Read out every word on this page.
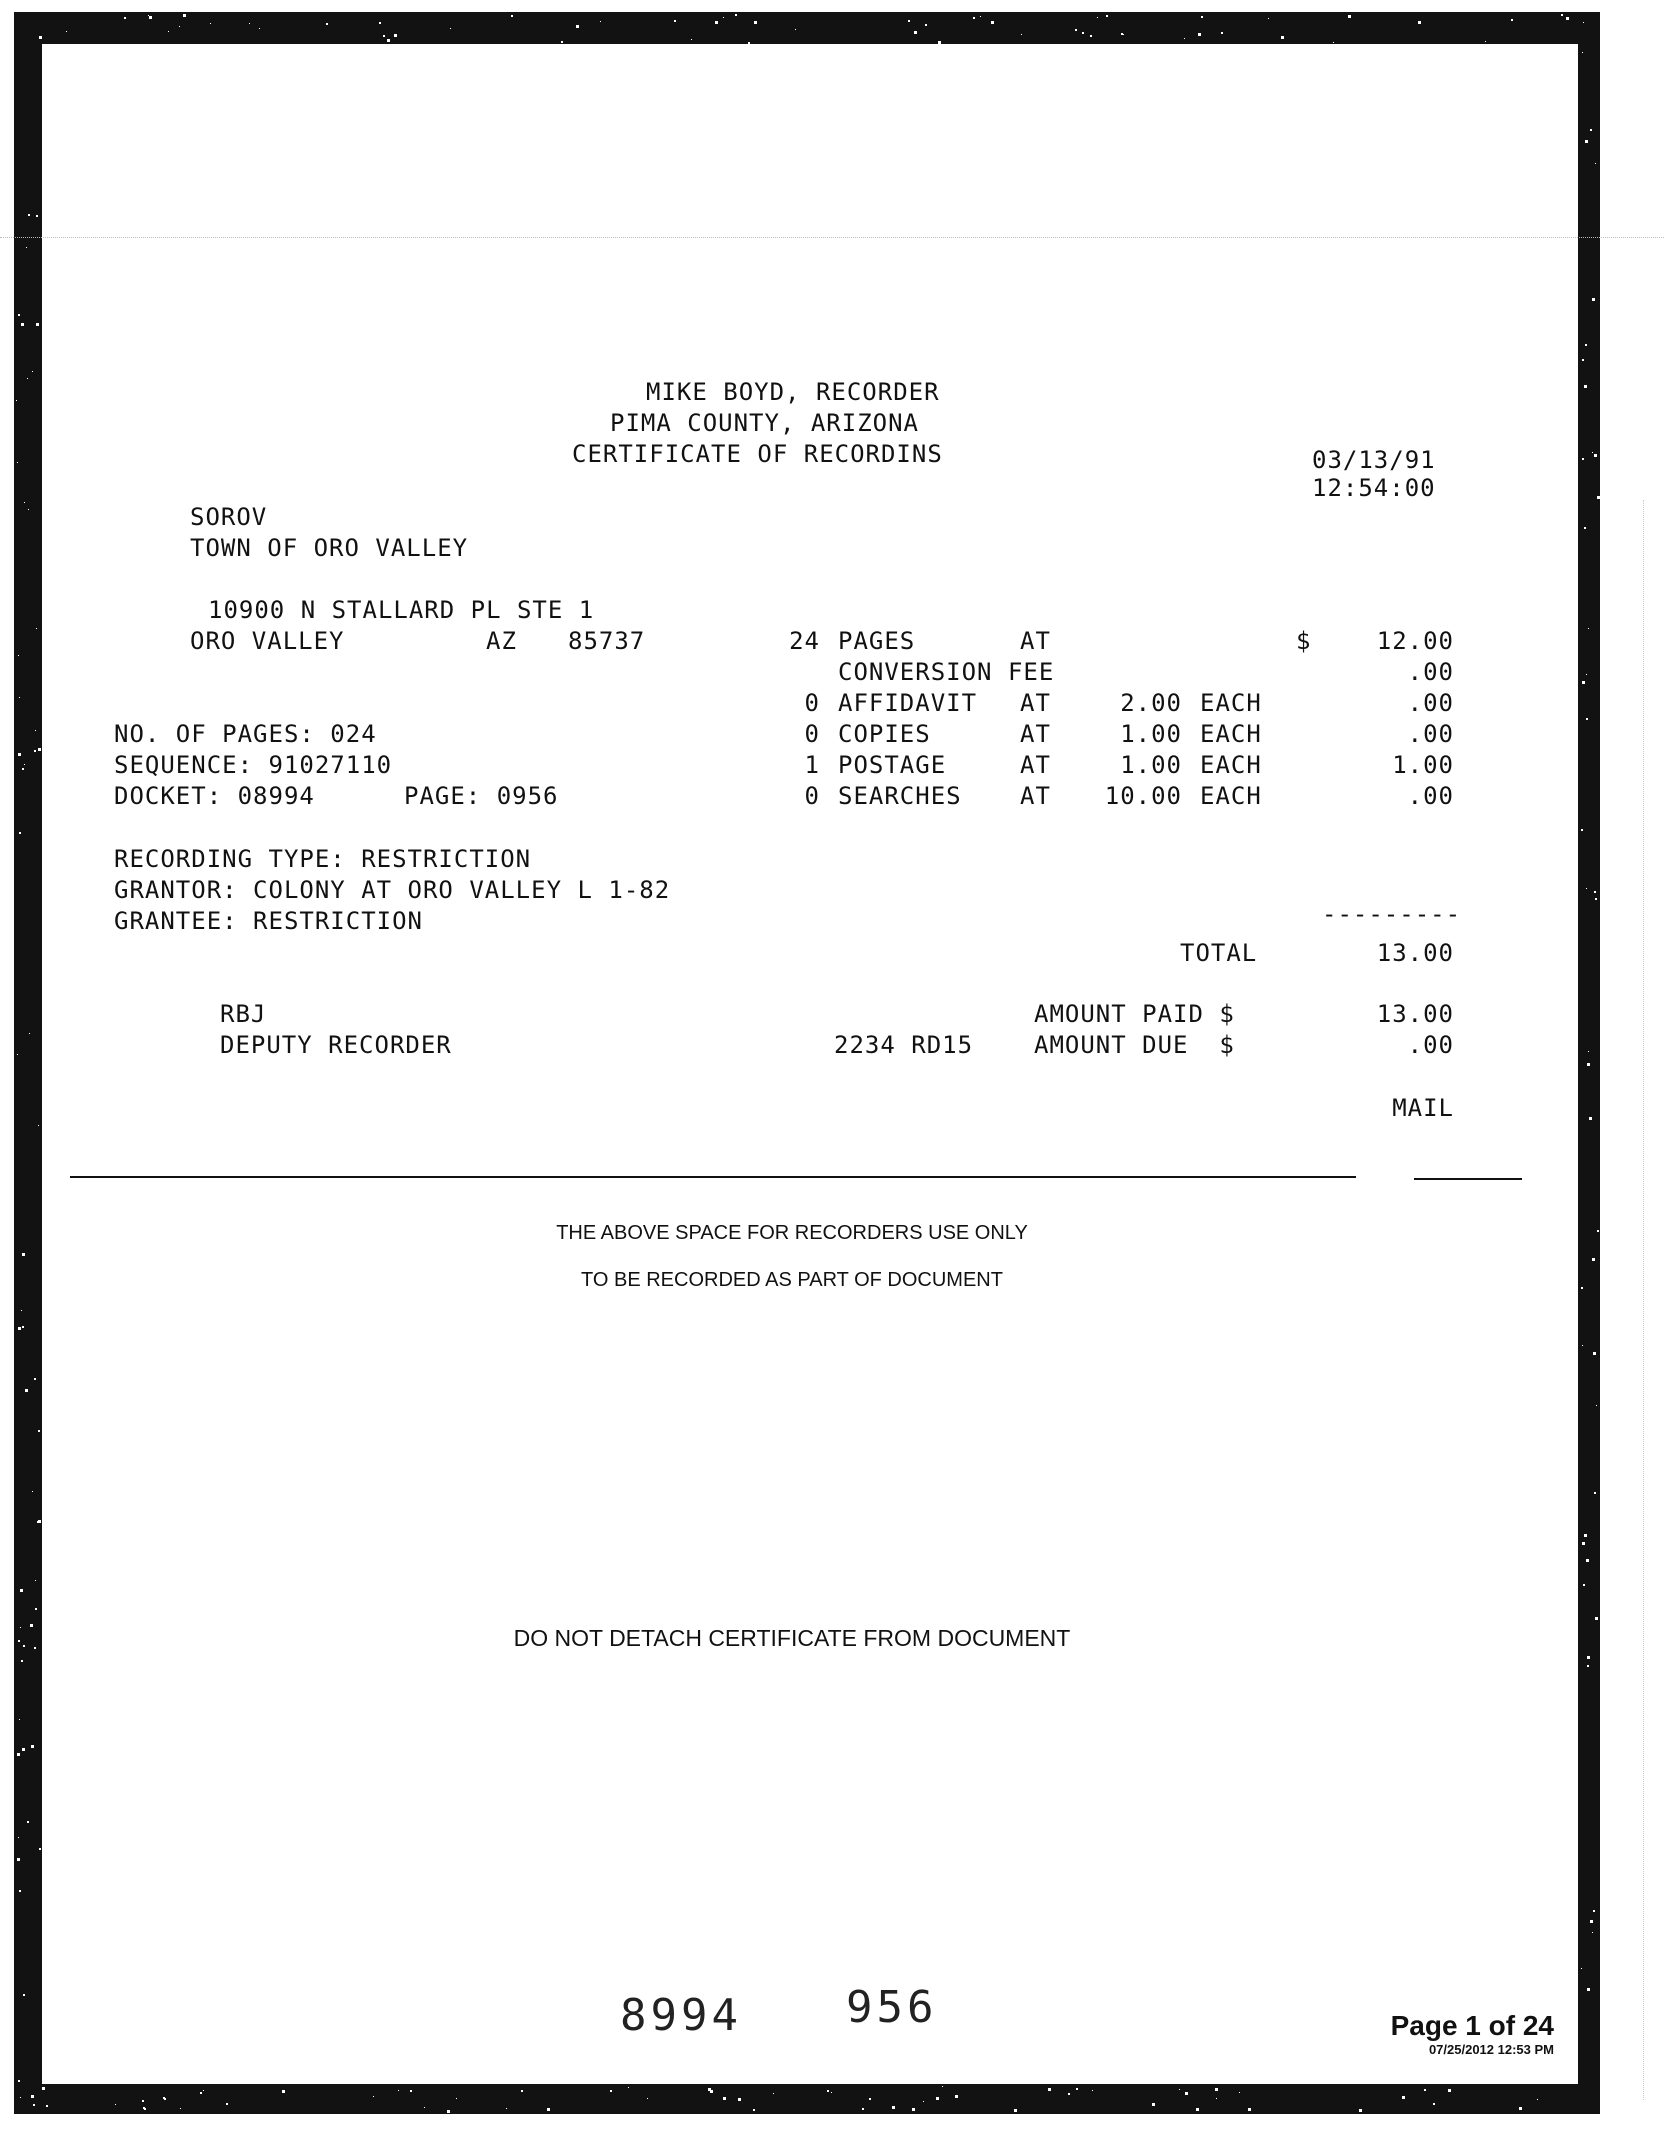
MIKE BOYD, RECORDER
PIMA COUNTY, ARIZONA
CERTIFICATE OF RECORDINS	03/13/91
12:54:00
SOROV
TOWN OF ORO VALLEY
10900 N STALLARD PL STE 1
ORO VALLEY	AZ 85737
NO. OF PAGES: 024
SEQUENCE: 91027110
DOCKET: 08994	PAGE: 0956
RECORDING TYPE: RESTRICTION
GRANTOR: COLONY AT ORO VALLEY L 1-82
GRANTEE: RESTRICTION
24 PAGES	AT	$	12.00
CONVERSION FEE	.00
0 AFFIDAVIT AT	2.00 EACH	.00
0 COPIES	AT	1.00 EACH	.00
1 POSTAGE	AT	1.00 EACH	1.00
0 SEARCHES AT	10.00 EACH	.00
---------
TOTAL	13.00
RBJ
DEPUTY RECORDER
AMOUNT PAID $	13.00
2234 RD15	AMOUNT DUE  $	.00
MAIL
THE ABOVE SPACE FOR RECORDERS USE ONLY
TO BE RECORDED AS PART OF DOCUMENT
DO NOT DETACH CERTIFICATE FROM DOCUMENT
8994 956	Page 1 of 24
07/25/2012 12:53 PM
